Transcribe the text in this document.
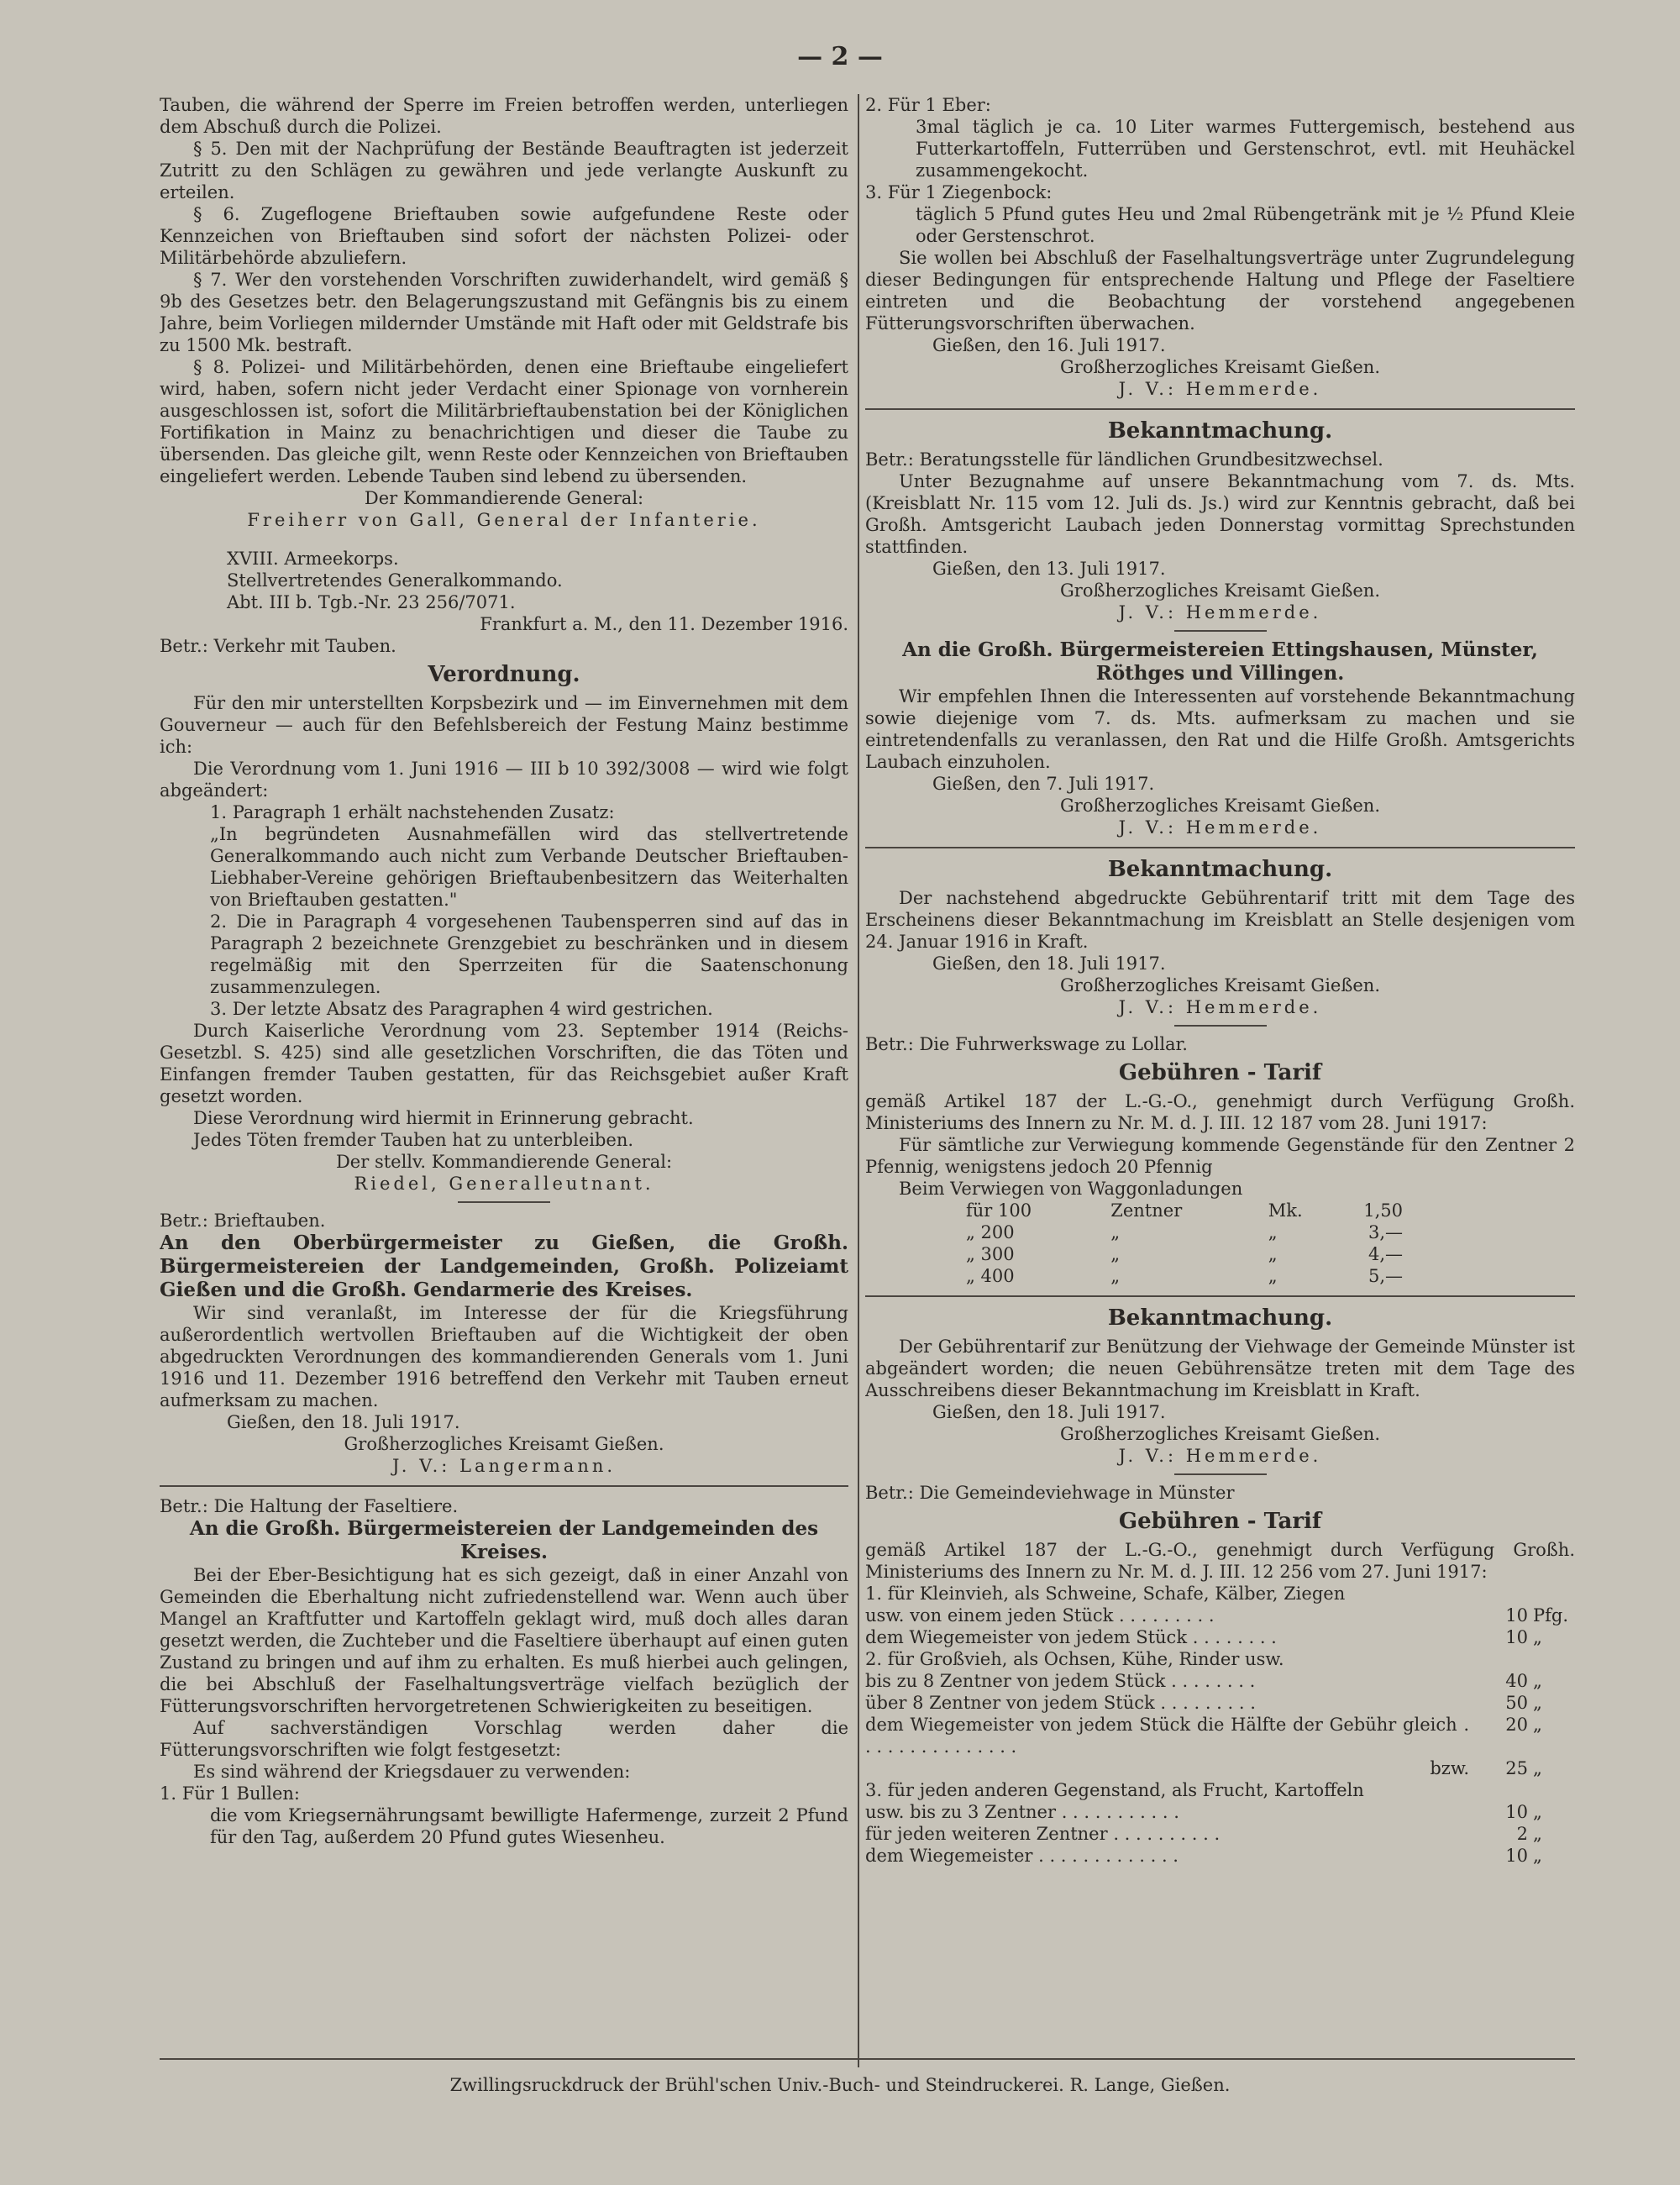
— 2 —

Tauben, die während der Sperre im Freien betroffen werden, unterliegen dem Abschuß durch die Polizei.

§ 5. Den mit der Nachprüfung der Bestände Beauftragten ist jederzeit Zutritt zu den Schlägen zu gewähren und jede verlangte Auskunft zu erteilen.

§ 6. Zugeflogene Brieftauben sowie aufgefundene Reste oder Kennzeichen von Brieftauben sind sofort der nächsten Polizei- oder Militärbehörde abzuliefern.

§ 7. Wer den vorstehenden Vorschriften zuwiderhandelt, wird gemäß § 9b des Gesetzes betr. den Belagerungszustand mit Gefängnis bis zu einem Jahre, beim Vorliegen mildernder Umstände mit Haft oder mit Geldstrafe bis zu 1500 Mk. bestraft.

§ 8. Polizei- und Militärbehörden, denen eine Brieftaube eingeliefert wird, haben, sofern nicht jeder Verdacht einer Spionage von vornherein ausgeschlossen ist, sofort die Militärbrieftaubenstation bei der Königlichen Fortifikation in Mainz zu benachrichtigen und dieser die Taube zu übersenden. Das gleiche gilt, wenn Reste oder Kennzeichen von Brieftauben eingeliefert werden. Lebende Tauben sind lebend zu übersenden.

Der Kommandierende General:

Freiherr von Gall, General der Infanterie.

XVIII. Armeekorps.

Stellvertretendes Generalkommando.

Abt. III b. Tgb.-Nr. 23 256/7071.

Frankfurt a. M., den 11. Dezember 1916.

Betr.: Verkehr mit Tauben.

Verordnung.

Für den mir unterstellten Korpsbezirk und — im Einvernehmen mit dem Gouverneur — auch für den Befehlsbereich der Festung Mainz bestimme ich:

Die Verordnung vom 1. Juni 1916 — III b 10 392/3008 — wird wie folgt abgeändert:

1. Paragraph 1 erhält nachstehenden Zusatz:

„In begründeten Ausnahmefällen wird das stellvertretende Generalkommando auch nicht zum Verbande Deutscher Brieftauben-Liebhaber-Vereine gehörigen Brieftaubenbesitzern das Weiterhalten von Brieftauben gestatten."

2. Die in Paragraph 4 vorgesehenen Taubensperren sind auf das in Paragraph 2 bezeichnete Grenzgebiet zu beschränken und in diesem regelmäßig mit den Sperrzeiten für die Saatenschonung zusammenzulegen.

3. Der letzte Absatz des Paragraphen 4 wird gestrichen.

Durch Kaiserliche Verordnung vom 23. September 1914 (Reichs-Gesetzbl. S. 425) sind alle gesetzlichen Vorschriften, die das Töten und Einfangen fremder Tauben gestatten, für das Reichsgebiet außer Kraft gesetzt worden.

Diese Verordnung wird hiermit in Erinnerung gebracht.

Jedes Töten fremder Tauben hat zu unterbleiben.

Der stellv. Kommandierende General:

Riedel, Generalleutnant.

Betr.: Brieftauben.

An den Oberbürgermeister zu Gießen, die Großh. Bürgermeistereien der Landgemeinden, Großh. Polizeiamt Gießen und die Großh. Gendarmerie des Kreises.

Wir sind veranlaßt, im Interesse der für die Kriegsführung außerordentlich wertvollen Brieftauben auf die Wichtigkeit der oben abgedruckten Verordnungen des kommandierenden Generals vom 1. Juni 1916 und 11. Dezember 1916 betreffend den Verkehr mit Tauben erneut aufmerksam zu machen.

Gießen, den 18. Juli 1917.

Großherzogliches Kreisamt Gießen.

J. V.: Langermann.

Betr.: Die Haltung der Faseltiere.

An die Großh. Bürgermeistereien der Landgemeinden des Kreises.

Bei der Eber-Besichtigung hat es sich gezeigt, daß in einer Anzahl von Gemeinden die Eberhaltung nicht zufriedenstellend war. Wenn auch über Mangel an Kraftfutter und Kartoffeln geklagt wird, muß doch alles daran gesetzt werden, die Zuchteber und die Faseltiere überhaupt auf einen guten Zustand zu bringen und auf ihm zu erhalten. Es muß hierbei auch gelingen, die bei Abschluß der Faselhaltungsverträge vielfach bezüglich der Fütterungsvorschriften hervorgetretenen Schwierigkeiten zu beseitigen.

Auf sachverständigen Vorschlag werden daher die Fütterungsvorschriften wie folgt festgesetzt:

Es sind während der Kriegsdauer zu verwenden:

1. Für 1 Bullen:

die vom Kriegsernährungsamt bewilligte Hafermenge, zurzeit 2 Pfund für den Tag, außerdem 20 Pfund gutes Wiesenheu.

2. Für 1 Eber:

3mal täglich je ca. 10 Liter warmes Futtergemisch, bestehend aus Futterkartoffeln, Futterrüben und Gerstenschrot, evtl. mit Heuhäckel zusammengekocht.

3. Für 1 Ziegenbock:

täglich 5 Pfund gutes Heu und 2mal Rübengetränk mit je ½ Pfund Kleie oder Gerstenschrot.

Sie wollen bei Abschluß der Faselhaltungsverträge unter Zugrundelegung dieser Bedingungen für entsprechende Haltung und Pflege der Faseltiere eintreten und die Beobachtung der vorstehend angegebenen Fütterungsvorschriften überwachen.

Gießen, den 16. Juli 1917.

Großherzogliches Kreisamt Gießen.

J. V.: Hemmerde.

Bekanntmachung.

Betr.: Beratungsstelle für ländlichen Grundbesitzwechsel.

Unter Bezugnahme auf unsere Bekanntmachung vom 7. ds. Mts. (Kreisblatt Nr. 115 vom 12. Juli ds. Js.) wird zur Kenntnis gebracht, daß bei Großh. Amtsgericht Laubach jeden Donnerstag vormittag Sprechstunden stattfinden.

Gießen, den 13. Juli 1917.

Großherzogliches Kreisamt Gießen.

J. V.: Hemmerde.

An die Großh. Bürgermeistereien Ettingshausen, Münster, Röthges und Villingen.

Wir empfehlen Ihnen die Interessenten auf vorstehende Bekanntmachung sowie diejenige vom 7. ds. Mts. aufmerksam zu machen und sie eintretendenfalls zu veranlassen, den Rat und die Hilfe Großh. Amtsgerichts Laubach einzuholen.

Gießen, den 7. Juli 1917.

Großherzogliches Kreisamt Gießen.

J. V.: Hemmerde.

Bekanntmachung.

Der nachstehend abgedruckte Gebührentarif tritt mit dem Tage des Erscheinens dieser Bekanntmachung im Kreisblatt an Stelle desjenigen vom 24. Januar 1916 in Kraft.

Gießen, den 18. Juli 1917.

Großherzogliches Kreisamt Gießen.

J. V.: Hemmerde.

Betr.: Die Fuhrwerkswage zu Lollar.

Gebühren - Tarif

gemäß Artikel 187 der L.-G.-O., genehmigt durch Verfügung Großh. Ministeriums des Innern zu Nr. M. d. J. III. 12 187 vom 28. Juni 1917:

Für sämtliche zur Verwiegung kommende Gegenstände für den Zentner 2 Pfennig, wenigstens jedoch 20 Pfennig

Beim Verwiegen von Waggonladungen

für 100	Zentner	Mk.	1,50
„ 200	„	„	3,—
„ 300	„	„	4,—
„ 400	„	„	5,—

Bekanntmachung.

Der Gebührentarif zur Benützung der Viehwage der Gemeinde Münster ist abgeändert worden; die neuen Gebührensätze treten mit dem Tage des Ausschreibens dieser Bekanntmachung im Kreisblatt in Kraft.

Gießen, den 18. Juli 1917.

Großherzogliches Kreisamt Gießen.

J. V.: Hemmerde.

Betr.: Die Gemeindeviehwage in Münster

Gebühren - Tarif

gemäß Artikel 187 der L.-G.-O., genehmigt durch Verfügung Großh. Ministeriums des Innern zu Nr. M. d. J. III. 12 256 vom 27. Juni 1917:

1. für Kleinvieh, als Schweine, Schafe, Kälber, Ziegen		
usw. von einem jeden Stück . . . . . . . . .	10	Pfg.
dem Wiegemeister von jedem Stück . . . . . . . .	10	„
2. für Großvieh, als Ochsen, Kühe, Rinder usw.		
bis zu 8 Zentner von jedem Stück . . . . . . . .	40	„
über 8 Zentner von jedem Stück . . . . . . . . .	50	„
dem Wiegemeister von jedem Stück die Hälfte der Gebühr gleich . . . . . . . . . . . . . . .	20	„
bzw.	25	„
3. für jeden anderen Gegenstand, als Frucht, Kartoffeln		
usw. bis zu 3 Zentner . . . . . . . . . . .	10	„
für jeden weiteren Zentner . . . . . . . . . .	2	„
dem Wiegemeister . . . . . . . . . . . . .	10	„
Zwillingsruckdruck der Brühl'schen Univ.-Buch- und Steindruckerei. R. Lange, Gießen.
